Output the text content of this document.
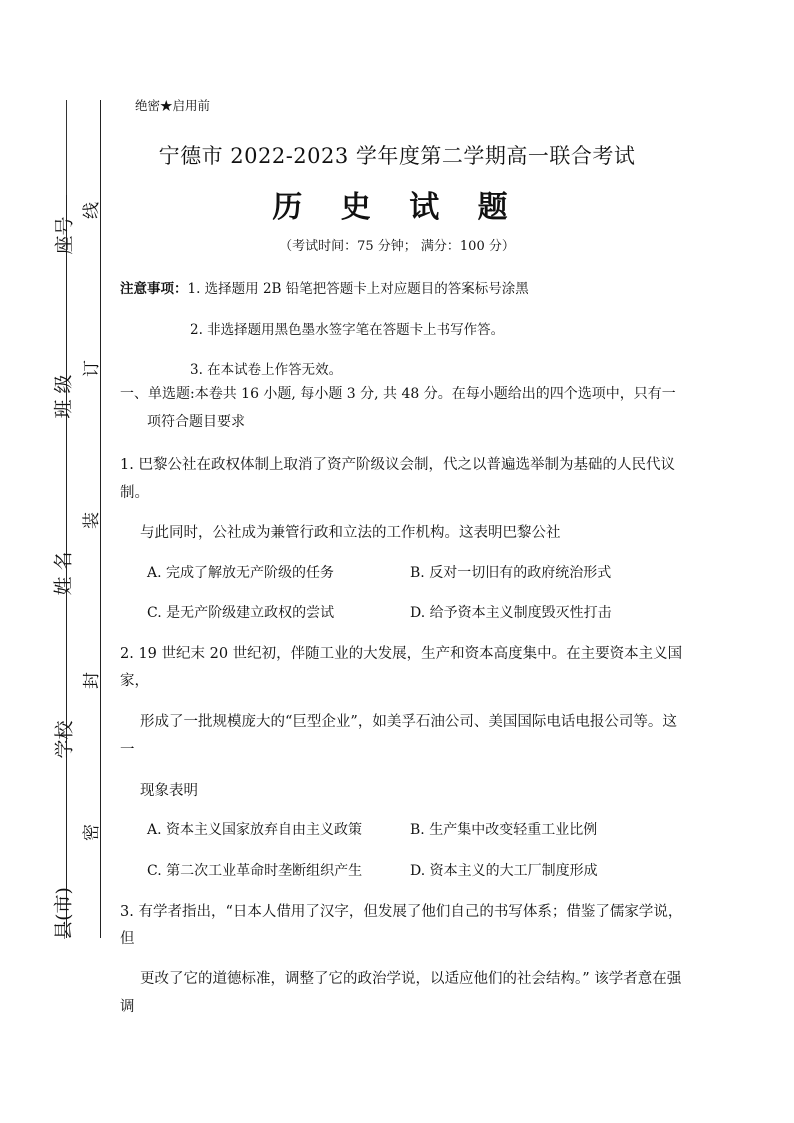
座号
班 级
姓 名
学校
县(市)
线
订
装
封
密
绝密★启用前
宁德市 2022-2023 学年度第二学期高一联合考试
历 史 试 题
（考试时间：75 分钟； 满分：100 分）
注意事项：1. 选择题用 2B 铅笔把答题卡上对应题目的答案标号涂黑
2. 非选择题用黑色墨水签字笔在答题卡上书写作答。
3. 在本试卷上作答无效。
一、单选题:本卷共 16 小题, 每小题 3 分, 共 48 分。在每小题给出的四个选项中，只有一
项符合题目要求
1. 巴黎公社在政权体制上取消了资产阶级议会制，代之以普遍选举制为基础的人民代议
制。
与此同时，公社成为兼管行政和立法的工作机构。这表明巴黎公社
A. 完成了解放无产阶级的任务	B. 反对一切旧有的政府统治形式
C. 是无产阶级建立政权的尝试	D. 给予资本主义制度毁灭性打击
2. 19 世纪末 20 世纪初，伴随工业的大发展，生产和资本高度集中。在主要资本主义国
家，
形成了一批规模庞大的“巨型企业”，如美孚石油公司、美国国际电话电报公司等。这
一
现象表明
A. 资本主义国家放弃自由主义政策	B. 生产集中改变轻重工业比例
C. 第二次工业革命时垄断组织产生	D. 资本主义的大工厂制度形成
3. 有学者指出，“日本人借用了汉字，但发展了他们自己的书写体系；借鉴了儒家学说，
但
更改了它的道德标准，调整了它的政治学说，以适应他们的社会结构。” 该学者意在强
调
